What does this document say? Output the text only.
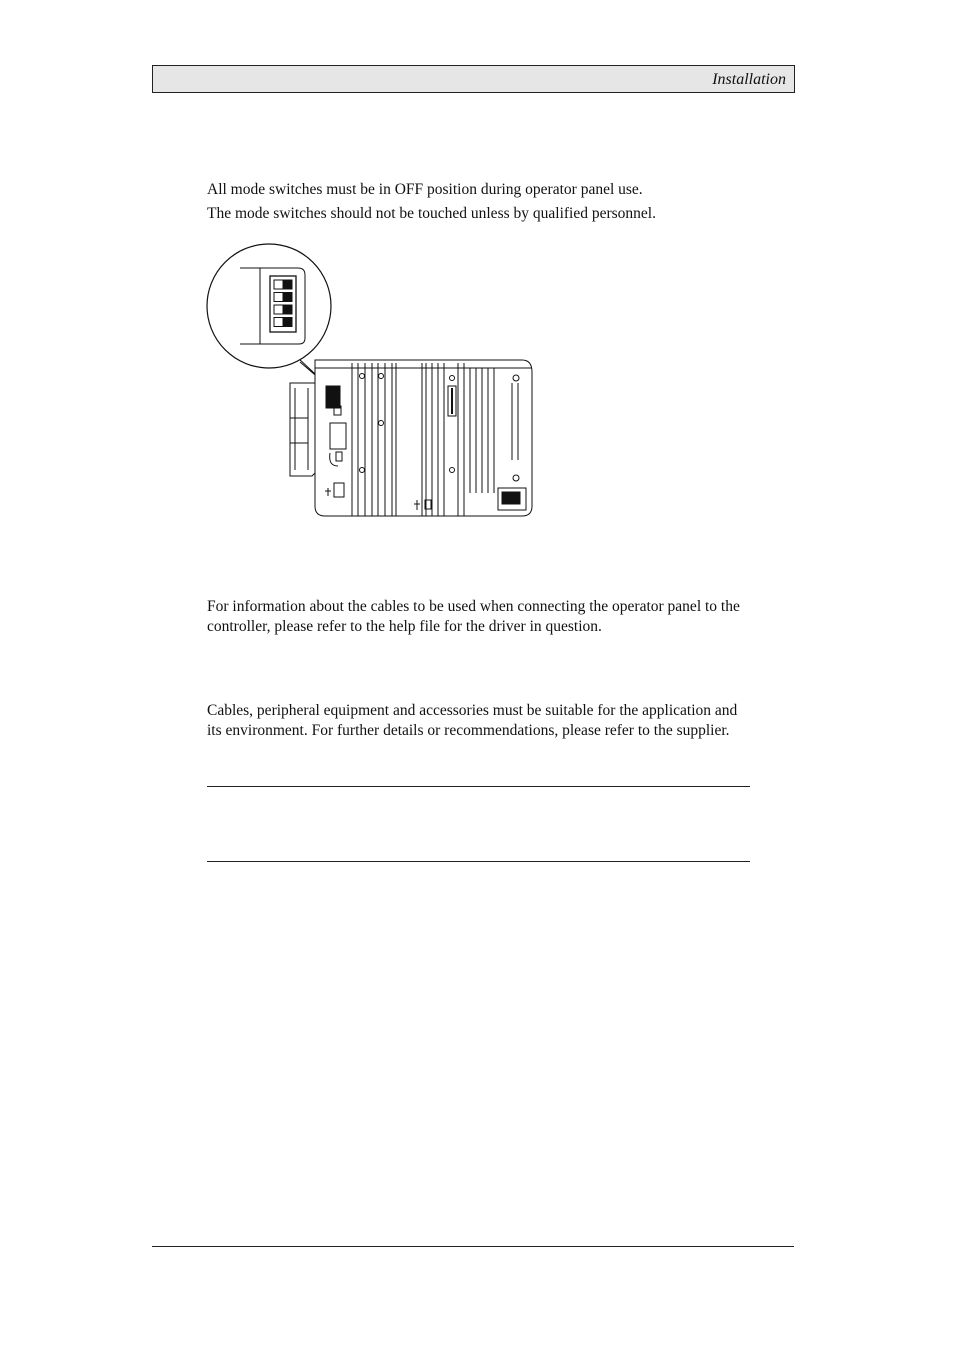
Installation

All mode switches must be in OFF position during operator panel use.

The mode switches should not be touched unless by qualified personnel.

For information about the cables to be used when connecting the operator panel to the controller, please refer to the help file for the driver in question.

Cables, peripheral equipment and accessories must be suitable for the application and its environment. For further details or recommendations, please refer to the supplier.
